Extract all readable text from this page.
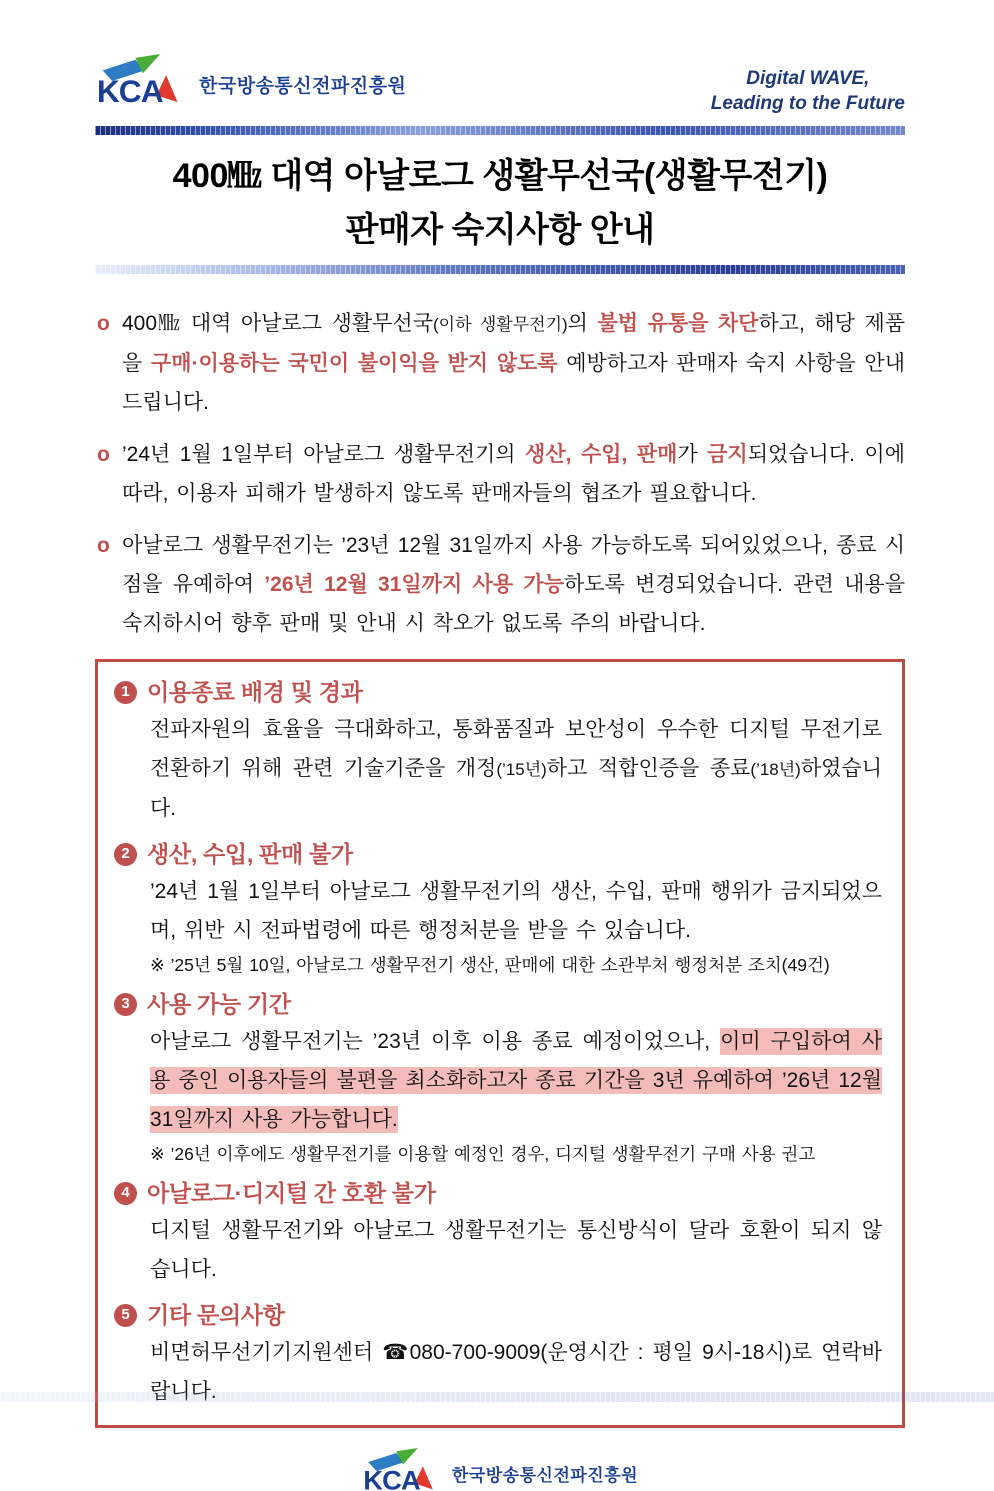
KCA 한국방송통신전파진흥원	Digital WAVE,
Leading to the Future
400㎒ 대역 아날로그 생활무선국(생활무전기)
판매자 숙지사항 안내

o 400㎒ 대역 아날로그 생활무선국(이하 생활무전기)의 불법 유통을 차단하고, 해당 제품을 구매·이용하는 국민이 불이익을 받지 않도록 예방하고자 판매자 숙지 사항을 안내드립니다.

o ’24년 1월 1일부터 아날로그 생활무전기의 생산, 수입, 판매가 금지되었습니다. 이에 따라, 이용자 피해가 발생하지 않도록 판매자들의 협조가 필요합니다.

o 아날로그 생활무전기는 ’23년 12월 31일까지 사용 가능하도록 되어있었으나, 종료 시점을 유예하여 ’26년 12월 31일까지 사용 가능하도록 변경되었습니다. 관련 내용을 숙지하시어 향후 판매 및 안내 시 착오가 없도록 주의 바랍니다.

1 이용종료 배경 및 경과

전파자원의 효율을 극대화하고, 통화품질과 보안성이 우수한 디지털 무전기로 전환하기 위해 관련 기술기준을 개정(’15년)하고 적합인증을 종료(’18년)하였습니다.

2 생산, 수입, 판매 불가

’24년 1월 1일부터 아날로그 생활무전기의 생산, 수입, 판매 행위가 금지되었으며, 위반 시 전파법령에 따른 행정처분을 받을 수 있습니다.

※ ’25년 5월 10일, 아날로그 생활무전기 생산, 판매에 대한 소관부처 행정처분 조치(49건)

3 사용 가능 기간

아날로그 생활무전기는 ’23년 이후 이용 종료 예정이었으나, 이미 구입하여 사용 중인 이용자들의 불편을 최소화하고자 종료 기간을 3년 유예하여 ’26년 12월 31일까지 사용 가능합니다.

※ ’26년 이후에도 생활무전기를 이용할 예정인 경우, 디지털 생활무전기 구매 사용 권고

4 아날로그·디지털 간 호환 불가

디지털 생활무전기와 아날로그 생활무전기는 통신방식이 달라 호환이 되지 않습니다.

5 기타 문의사항

비면허무선기기지원센터 ☎080-700-9009(운영시간 : 평일 9시-18시)로 연락바랍니다.

KCA 한국방송통신전파진흥원
